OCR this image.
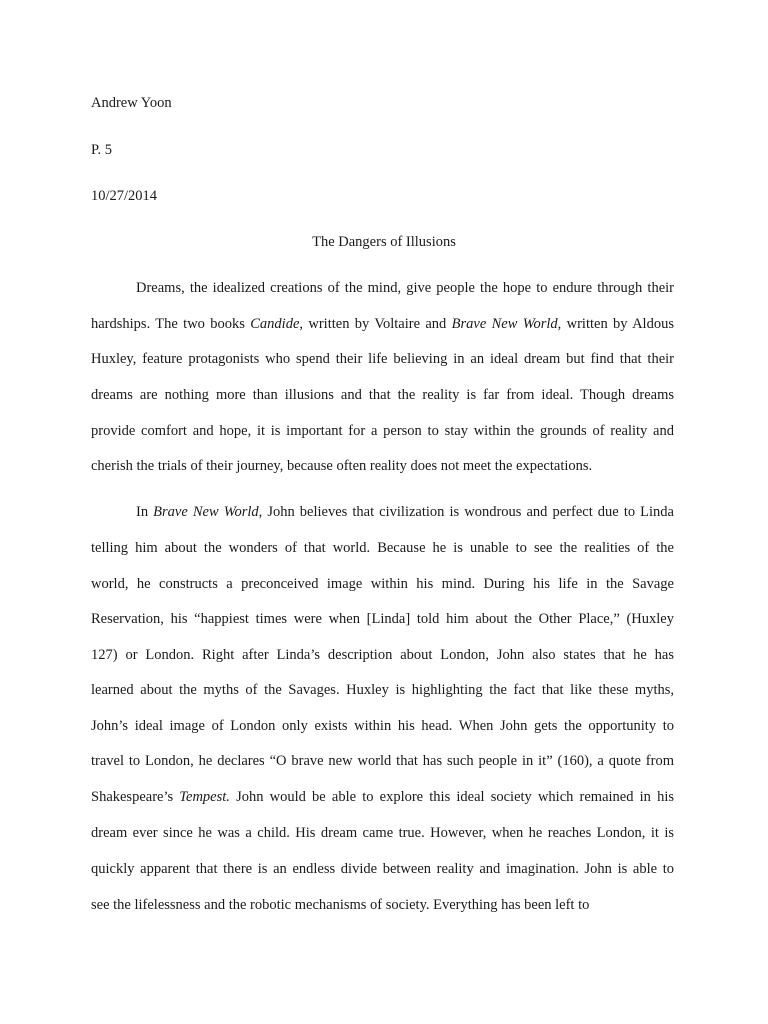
Andrew Yoon

P. 5

10/27/2014

The Dangers of Illusions

Dreams, the idealized creations of the mind, give people the hope to endure through their

hardships. The two books Candide, written by Voltaire and Brave New World, written by Aldous

Huxley, feature protagonists who spend their life believing in an ideal dream but find that their

dreams are nothing more than illusions and that the reality is far from ideal. Though dreams

provide comfort and hope, it is important for a person to stay within the grounds of reality and

cherish the trials of their journey, because often reality does not meet the expectations.

In Brave New World, John believes that civilization is wondrous and perfect due to Linda

telling him about the wonders of that world. Because he is unable to see the realities of the

world, he constructs a preconceived image within his mind. During his life in the Savage

Reservation, his “happiest times were when [Linda] told him about the Other Place,” (Huxley

127) or London. Right after Linda’s description about London, John also states that he has

learned about the myths of the Savages. Huxley is highlighting the fact that like these myths,

John’s ideal image of London only exists within his head. When John gets the opportunity to

travel to London, he declares “O brave new world that has such people in it” (160), a quote from

Shakespeare’s Tempest. John would be able to explore this ideal society which remained in his

dream ever since he was a child. His dream came true. However, when he reaches London, it is

quickly apparent that there is an endless divide between reality and imagination. John is able to

see the lifelessness and the robotic mechanisms of society. Everything has been left to
